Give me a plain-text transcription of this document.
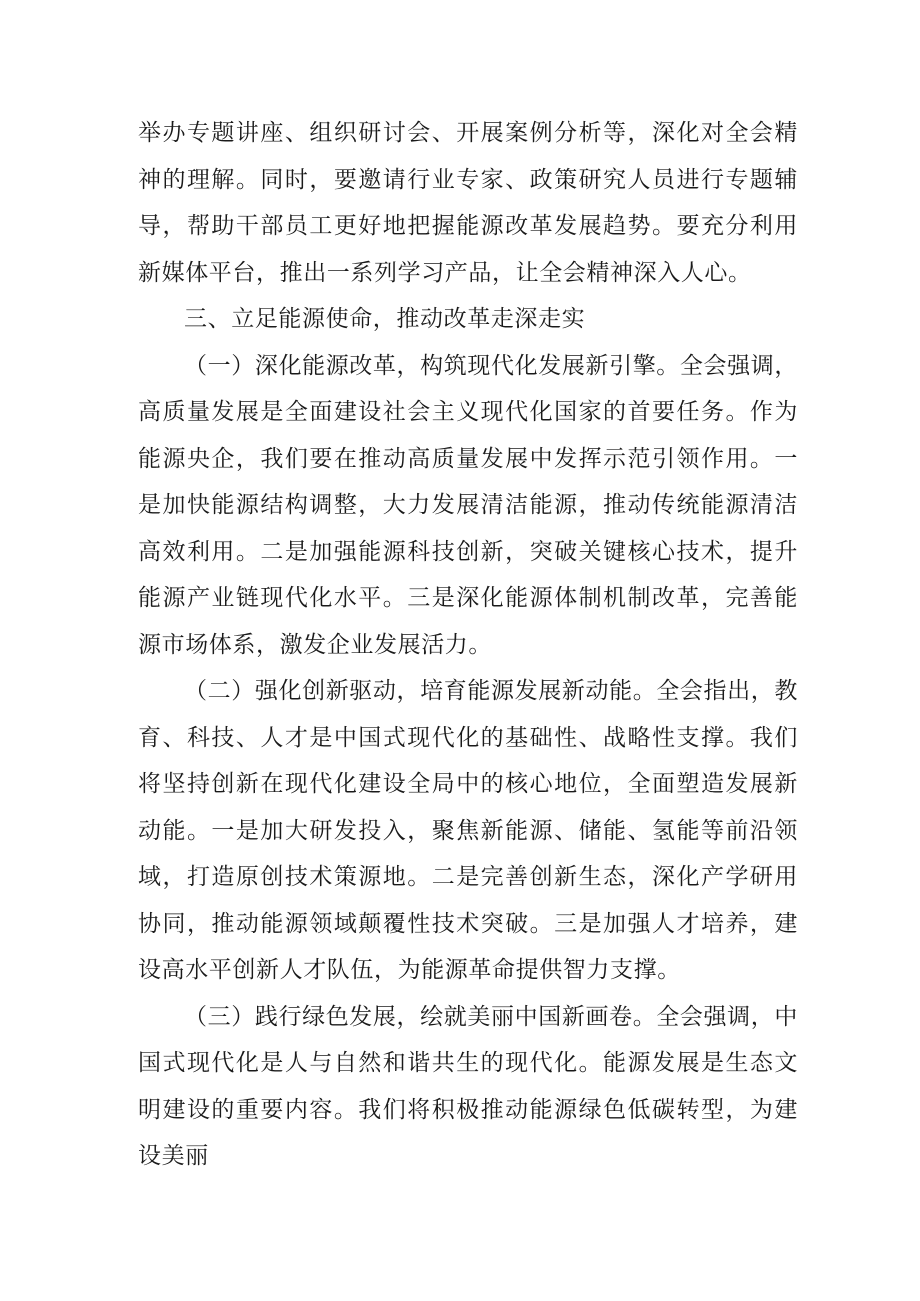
举办专题讲座、组织研讨会、开展案例分析等，深化对全会精神的理解。同时，要邀请行业专家、政策研究人员进行专题辅导，帮助干部员工更好地把握能源改革发展趋势。要充分利用新媒体平台，推出一系列学习产品，让全会精神深入人心。

三、立足能源使命，推动改革走深走实

（一）深化能源改革，构筑现代化发展新引擎。全会强调，高质量发展是全面建设社会主义现代化国家的首要任务。作为能源央企，我们要在推动高质量发展中发挥示范引领作用。一是加快能源结构调整，大力发展清洁能源，推动传统能源清洁高效利用。二是加强能源科技创新，突破关键核心技术，提升能源产业链现代化水平。三是深化能源体制机制改革，完善能源市场体系，激发企业发展活力。

（二）强化创新驱动，培育能源发展新动能。全会指出，教育、科技、人才是中国式现代化的基础性、战略性支撑。我们将坚持创新在现代化建设全局中的核心地位，全面塑造发展新动能。一是加大研发投入，聚焦新能源、储能、氢能等前沿领域，打造原创技术策源地。二是完善创新生态，深化产学研用协同，推动能源领域颠覆性技术突破。三是加强人才培养，建设高水平创新人才队伍，为能源革命提供智力支撑。

（三）践行绿色发展，绘就美丽中国新画卷。全会强调，中国式现代化是人与自然和谐共生的现代化。能源发展是生态文明建设的重要内容。我们将积极推动能源绿色低碳转型，为建设美丽
